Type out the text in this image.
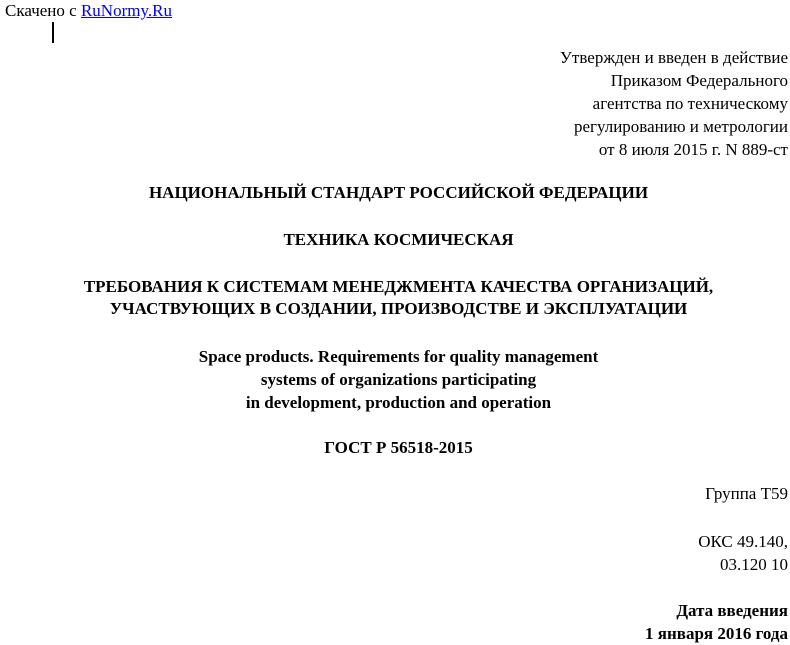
Скачено с RuNormy.Ru
Утвержден и введен в действие
Приказом Федерального
агентства по техническому
регулированию и метрологии
от 8 июля 2015 г. N 889-ст
НАЦИОНАЛЬНЫЙ СТАНДАРТ РОССИЙСКОЙ ФЕДЕРАЦИИ
ТЕХНИКА КОСМИЧЕСКАЯ
ТРЕБОВАНИЯ К СИСТЕМАМ МЕНЕДЖМЕНТА КАЧЕСТВА ОРГАНИЗАЦИЙ,
УЧАСТВУЮЩИХ В СОЗДАНИИ, ПРОИЗВОДСТВЕ И ЭКСПЛУАТАЦИИ
Space products. Requirements for quality management
systems of organizations participating
in development, production and operation
ГОСТ Р 56518-2015
Группа Т59
ОКС 49.140,
03.120 10
Дата введения
1 января 2016 года
